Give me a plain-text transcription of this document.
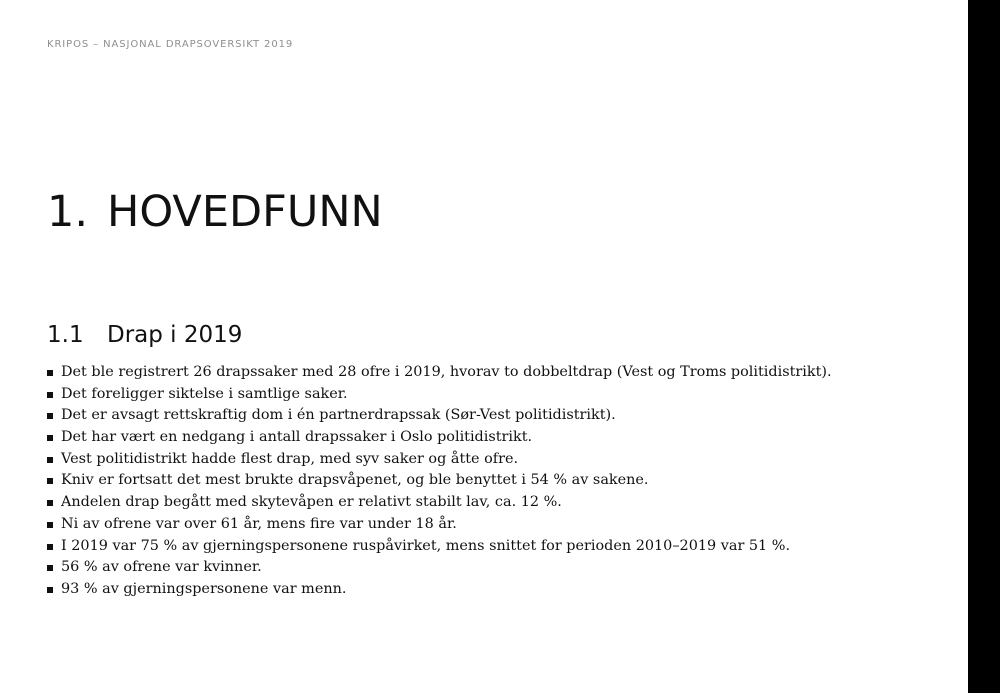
KRIPOS – NASJONAL DRAPSOVERSIKT 2019
1. HOVEDFUNN
1.1 Drap i 2019
Det ble registrert 26 drapssaker med 28 ofre i 2019, hvorav to dobbeltdrap (Vest og Troms politidistrikt).
Det foreligger siktelse i samtlige saker.
Det er avsagt rettskraftig dom i én partnerdrapssak (Sør-Vest politidistrikt).
Det har vært en nedgang i antall drapssaker i Oslo politidistrikt.
Vest politidistrikt hadde flest drap, med syv saker og åtte ofre.
Kniv er fortsatt det mest brukte drapsvåpenet, og ble benyttet i 54 % av sakene.
Andelen drap begått med skytevåpen er relativt stabilt lav, ca. 12 %.
Ni av ofrene var over 61 år, mens fire var under 18 år.
I 2019 var 75 % av gjerningspersonene ruspåvirket, mens snittet for perioden 2010–2019 var 51 %.
56 % av ofrene var kvinner.
93 % av gjerningspersonene var menn.
